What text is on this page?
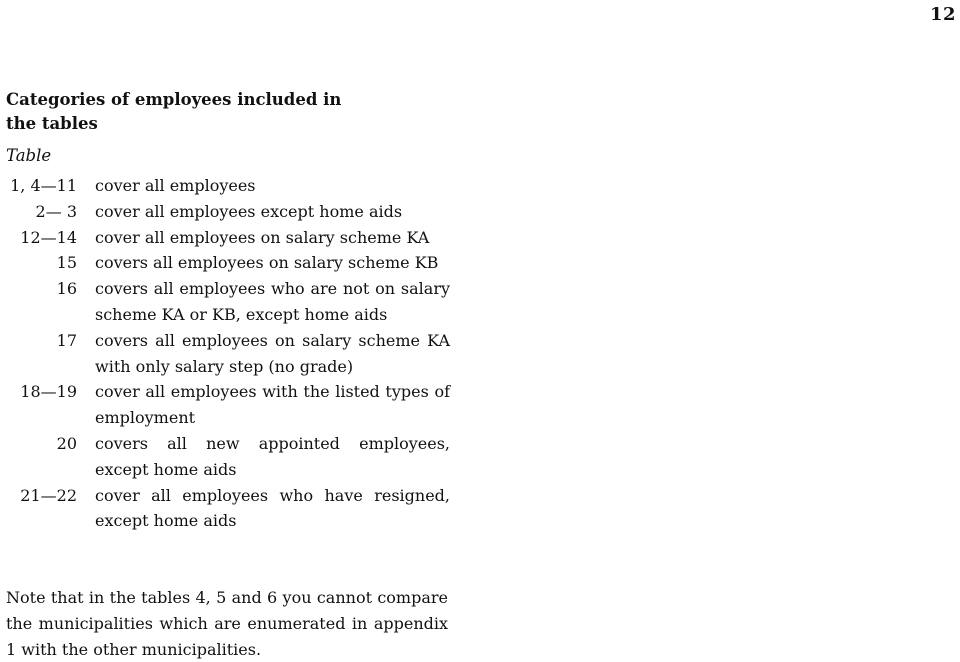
12
Categories of employees included in
the tables
Table
1, 4—11 cover all employees
2— 3 cover all employees except home aids
12—14 cover all employees on salary scheme KA
15 covers all employees on salary scheme KB
16 covers all employees who are not on salary scheme KA or KB, except home aids
17 covers all employees on salary scheme KA with only salary step (no grade)
18—19 cover all employees with the listed types of employment
20 covers all new appointed employees, except home aids
21—22 cover all employees who have resigned, except home aids
Note that in the tables 4, 5 and 6 you cannot compare the municipalities which are enumerated in appendix 1 with the other municipalities.
